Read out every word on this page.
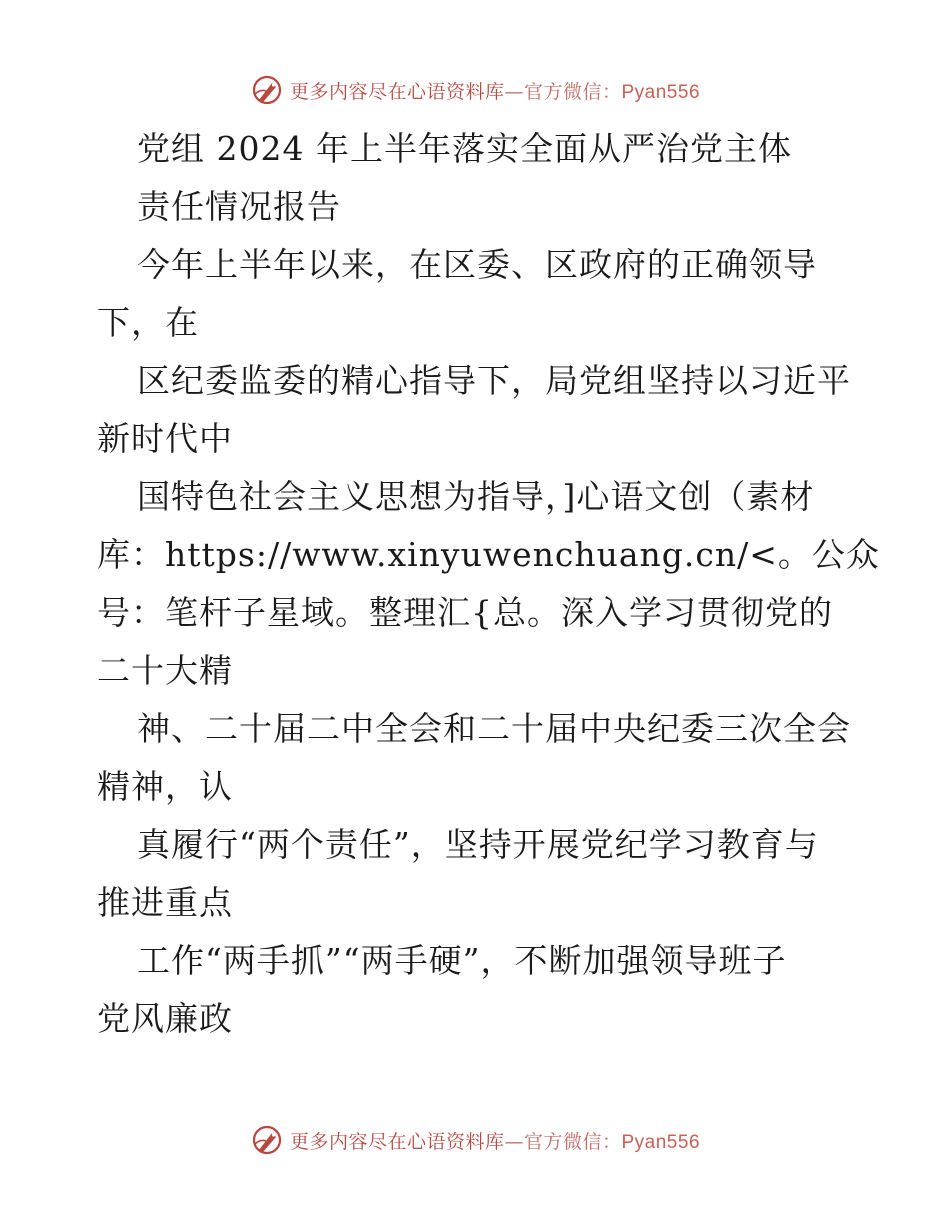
更多内容尽在心语资料库—官方微信：Pyan556
党组 2024 年上半年落实全面从严治党主体
责任情况报告
今年上半年以来，在区委、区政府的正确领导
下，在
区纪委监委的精心指导下，局党组坚持以习近平
新时代中
国特色社会主义思想为指导，]心语文创（素材
库：https://www.xinyuwenchuang.cn/<。公众
号：笔杆子星域。整理汇{总。深入学习贯彻党的
二十大精
神、二十届二中全会和二十届中央纪委三次全会
精神，认
真履行“两个责任”，坚持开展党纪学习教育与
推进重点
工作“两手抓”“两手硬”，不断加强领导班子
党风廉政
更多内容尽在心语资料库—官方微信：Pyan556
